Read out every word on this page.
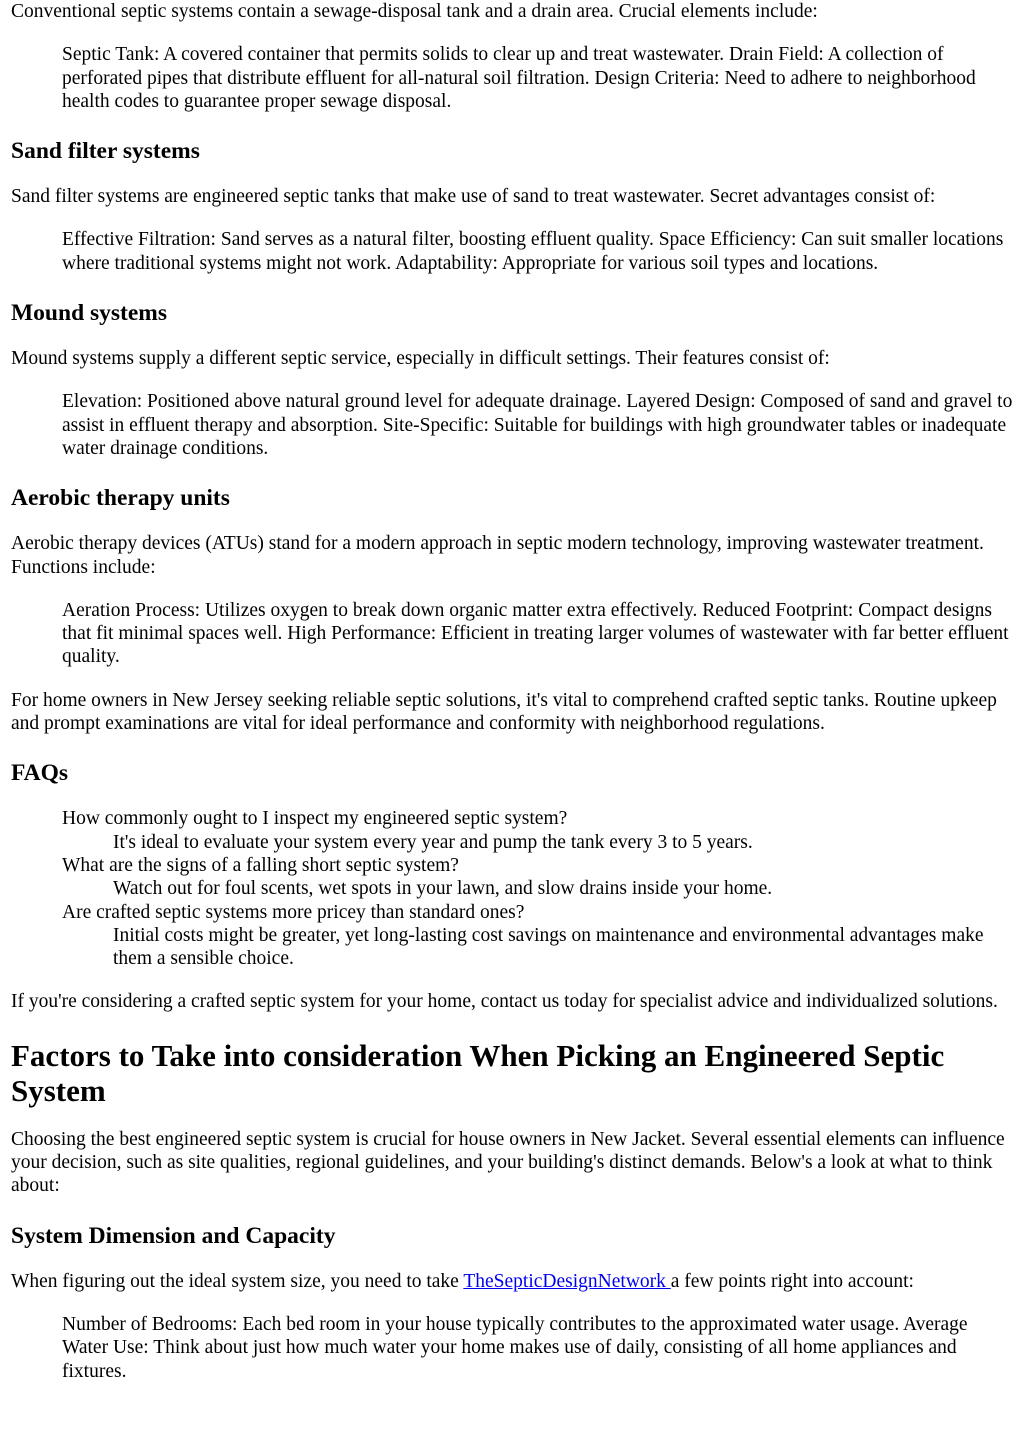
Conventional septic systems contain a sewage-disposal tank and a drain area. Crucial elements include:

Septic Tank: A covered container that permits solids to clear up and treat wastewater. Drain Field: A collection of perforated pipes that distribute effluent for all-natural soil filtration. Design Criteria: Need to adhere to neighborhood health codes to guarantee proper sewage disposal.

Sand filter systems

Sand filter systems are engineered septic tanks that make use of sand to treat wastewater. Secret advantages consist of:

Effective Filtration: Sand serves as a natural filter, boosting effluent quality. Space Efficiency: Can suit smaller locations where traditional systems might not work. Adaptability: Appropriate for various soil types and locations.

Mound systems

Mound systems supply a different septic service, especially in difficult settings. Their features consist of:

Elevation: Positioned above natural ground level for adequate drainage. Layered Design: Composed of sand and gravel to assist in effluent therapy and absorption. Site-Specific: Suitable for buildings with high groundwater tables or inadequate water drainage conditions.

Aerobic therapy units

Aerobic therapy devices (ATUs) stand for a modern approach in septic modern technology, improving wastewater treatment. Functions include:

Aeration Process: Utilizes oxygen to break down organic matter extra effectively. Reduced Footprint: Compact designs that fit minimal spaces well. High Performance: Efficient in treating larger volumes of wastewater with far better effluent quality.

For home owners in New Jersey seeking reliable septic solutions, it's vital to comprehend crafted septic tanks. Routine upkeep and prompt examinations are vital for ideal performance and conformity with neighborhood regulations.

FAQs
How commonly ought to I inspect my engineered septic system?
It's ideal to evaluate your system every year and pump the tank every 3 to 5 years.
What are the signs of a falling short septic system?
Watch out for foul scents, wet spots in your lawn, and slow drains inside your home.
Are crafted septic systems more pricey than standard ones?
Initial costs might be greater, yet long-lasting cost savings on maintenance and environmental advantages make them a sensible choice.

If you're considering a crafted septic system for your home, contact us today for specialist advice and individualized solutions.

Factors to Take into consideration When Picking an Engineered Septic System

Choosing the best engineered septic system is crucial for house owners in New Jacket. Several essential elements can influence your decision, such as site qualities, regional guidelines, and your building's distinct demands. Below's a look at what to think about:

System Dimension and Capacity

When figuring out the ideal system size, you need to take TheSepticDesignNetwork a few points right into account:

Number of Bedrooms: Each bed room in your house typically contributes to the approximated water usage. Average Water Use: Think about just how much water your home makes use of daily, consisting of all home appliances and fixtures.
